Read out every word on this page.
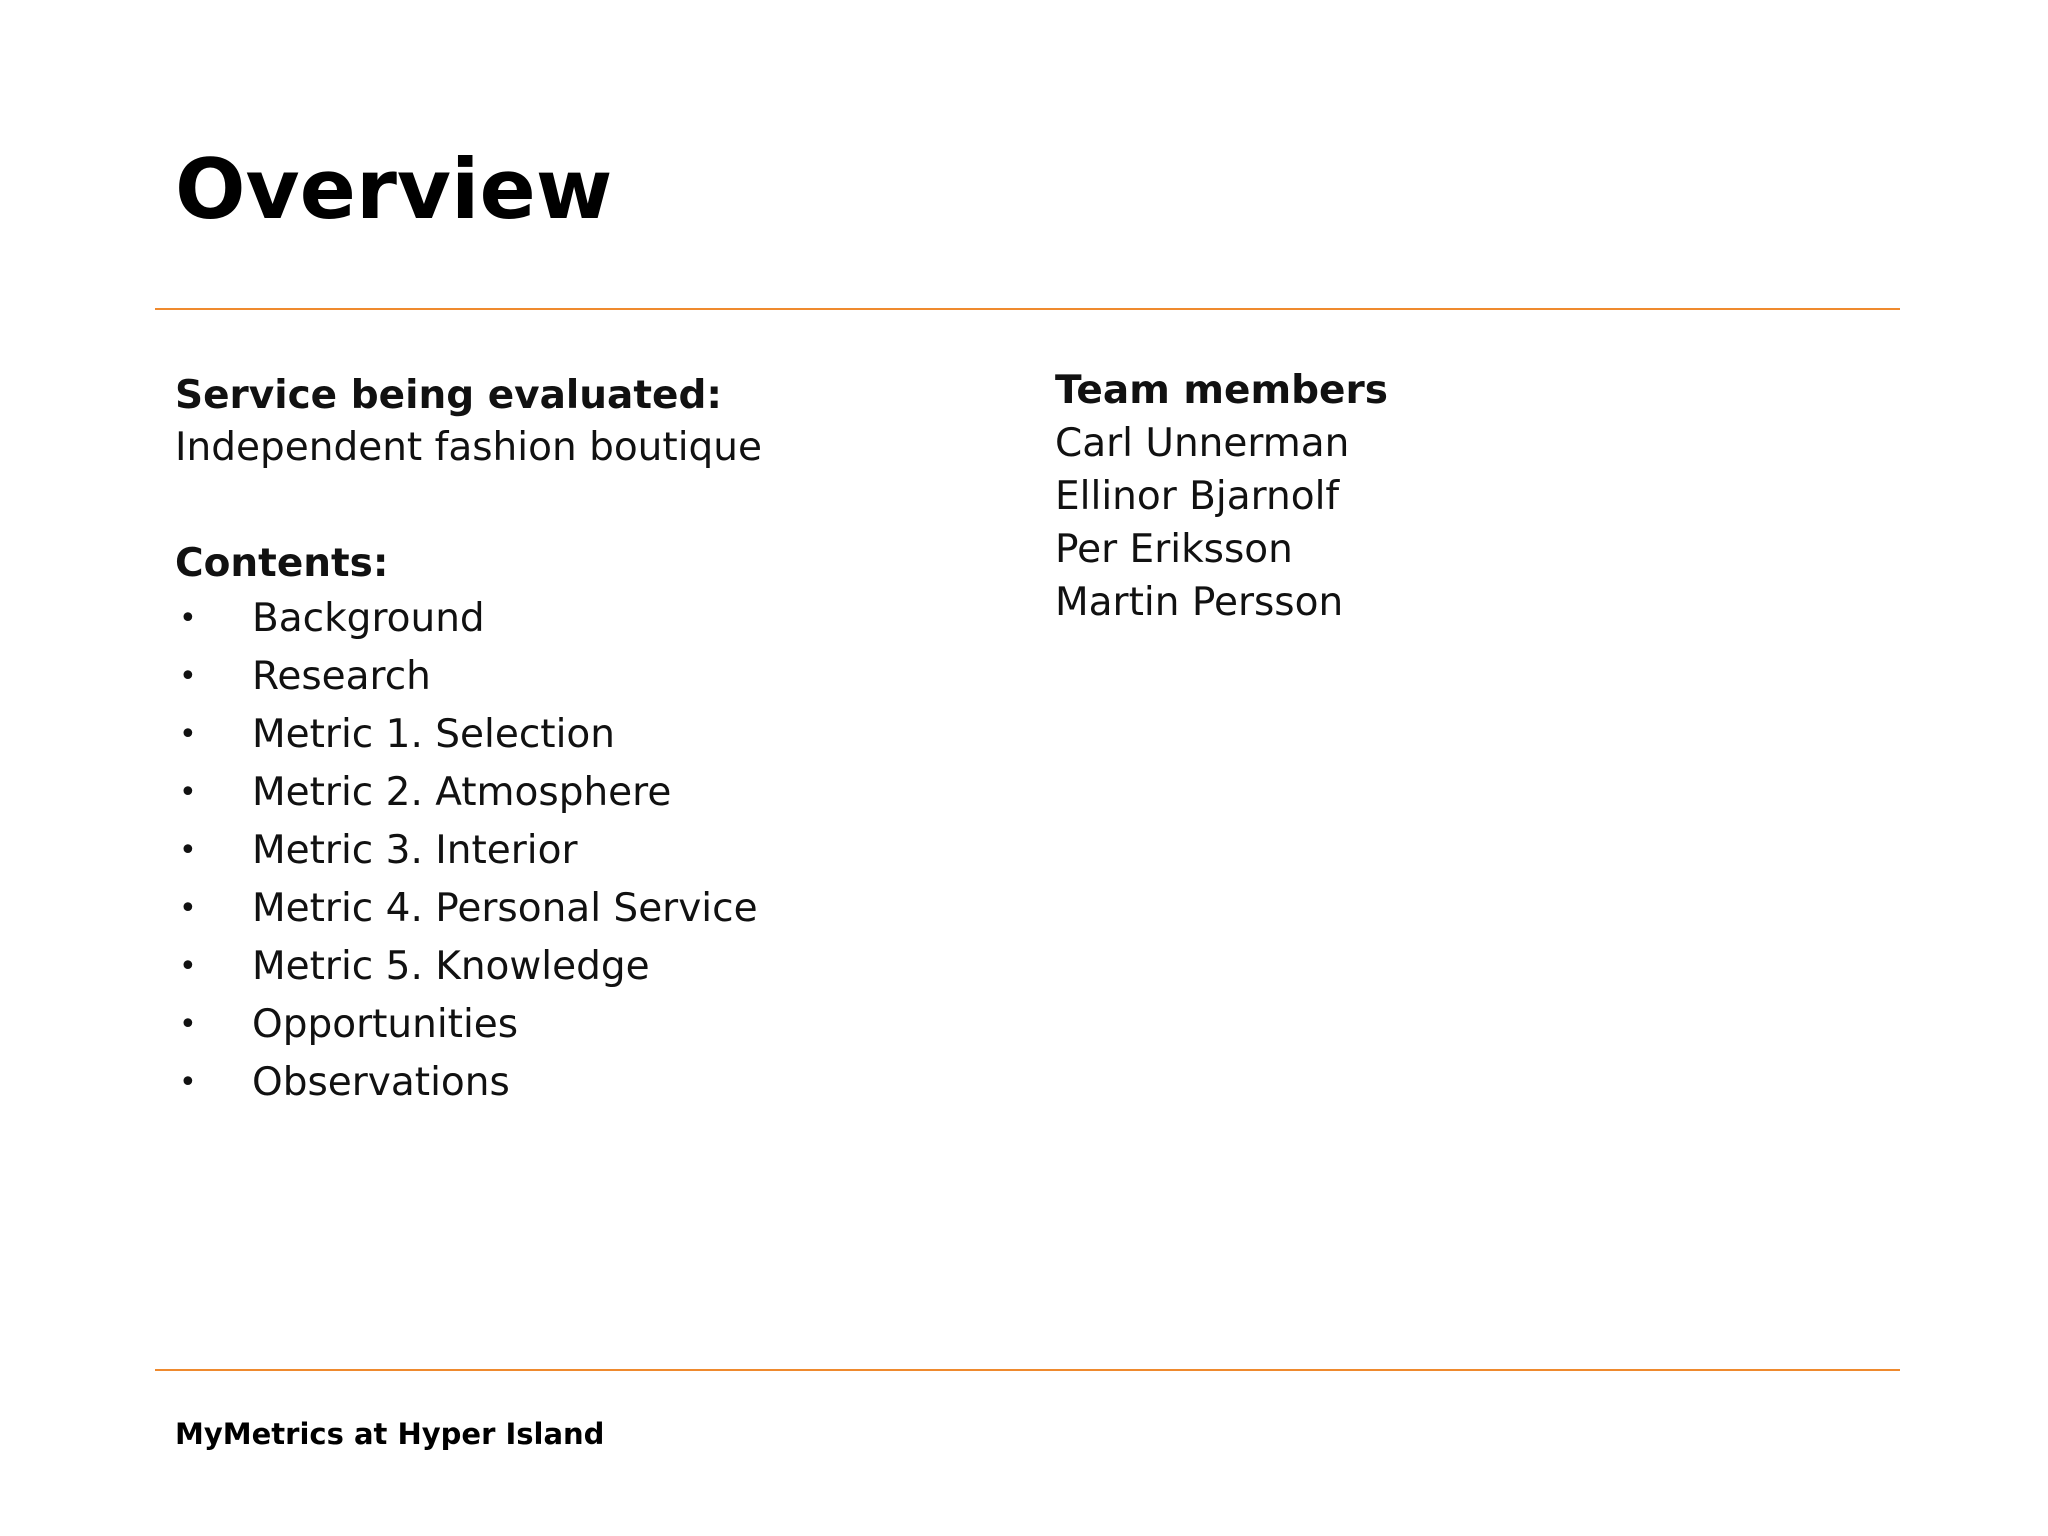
Overview

Service being evaluated:

Independent fashion boutique

Contents:

• Background
• Research
• Metric 1. Selection
• Metric 2. Atmosphere
• Metric 3. Interior
• Metric 4. Personal Service
• Metric 5. Knowledge
• Opportunities
• Observations

Team members

Carl Unnerman

Ellinor Bjarnolf

Per Eriksson

Martin Persson

MyMetrics at Hyper Island
